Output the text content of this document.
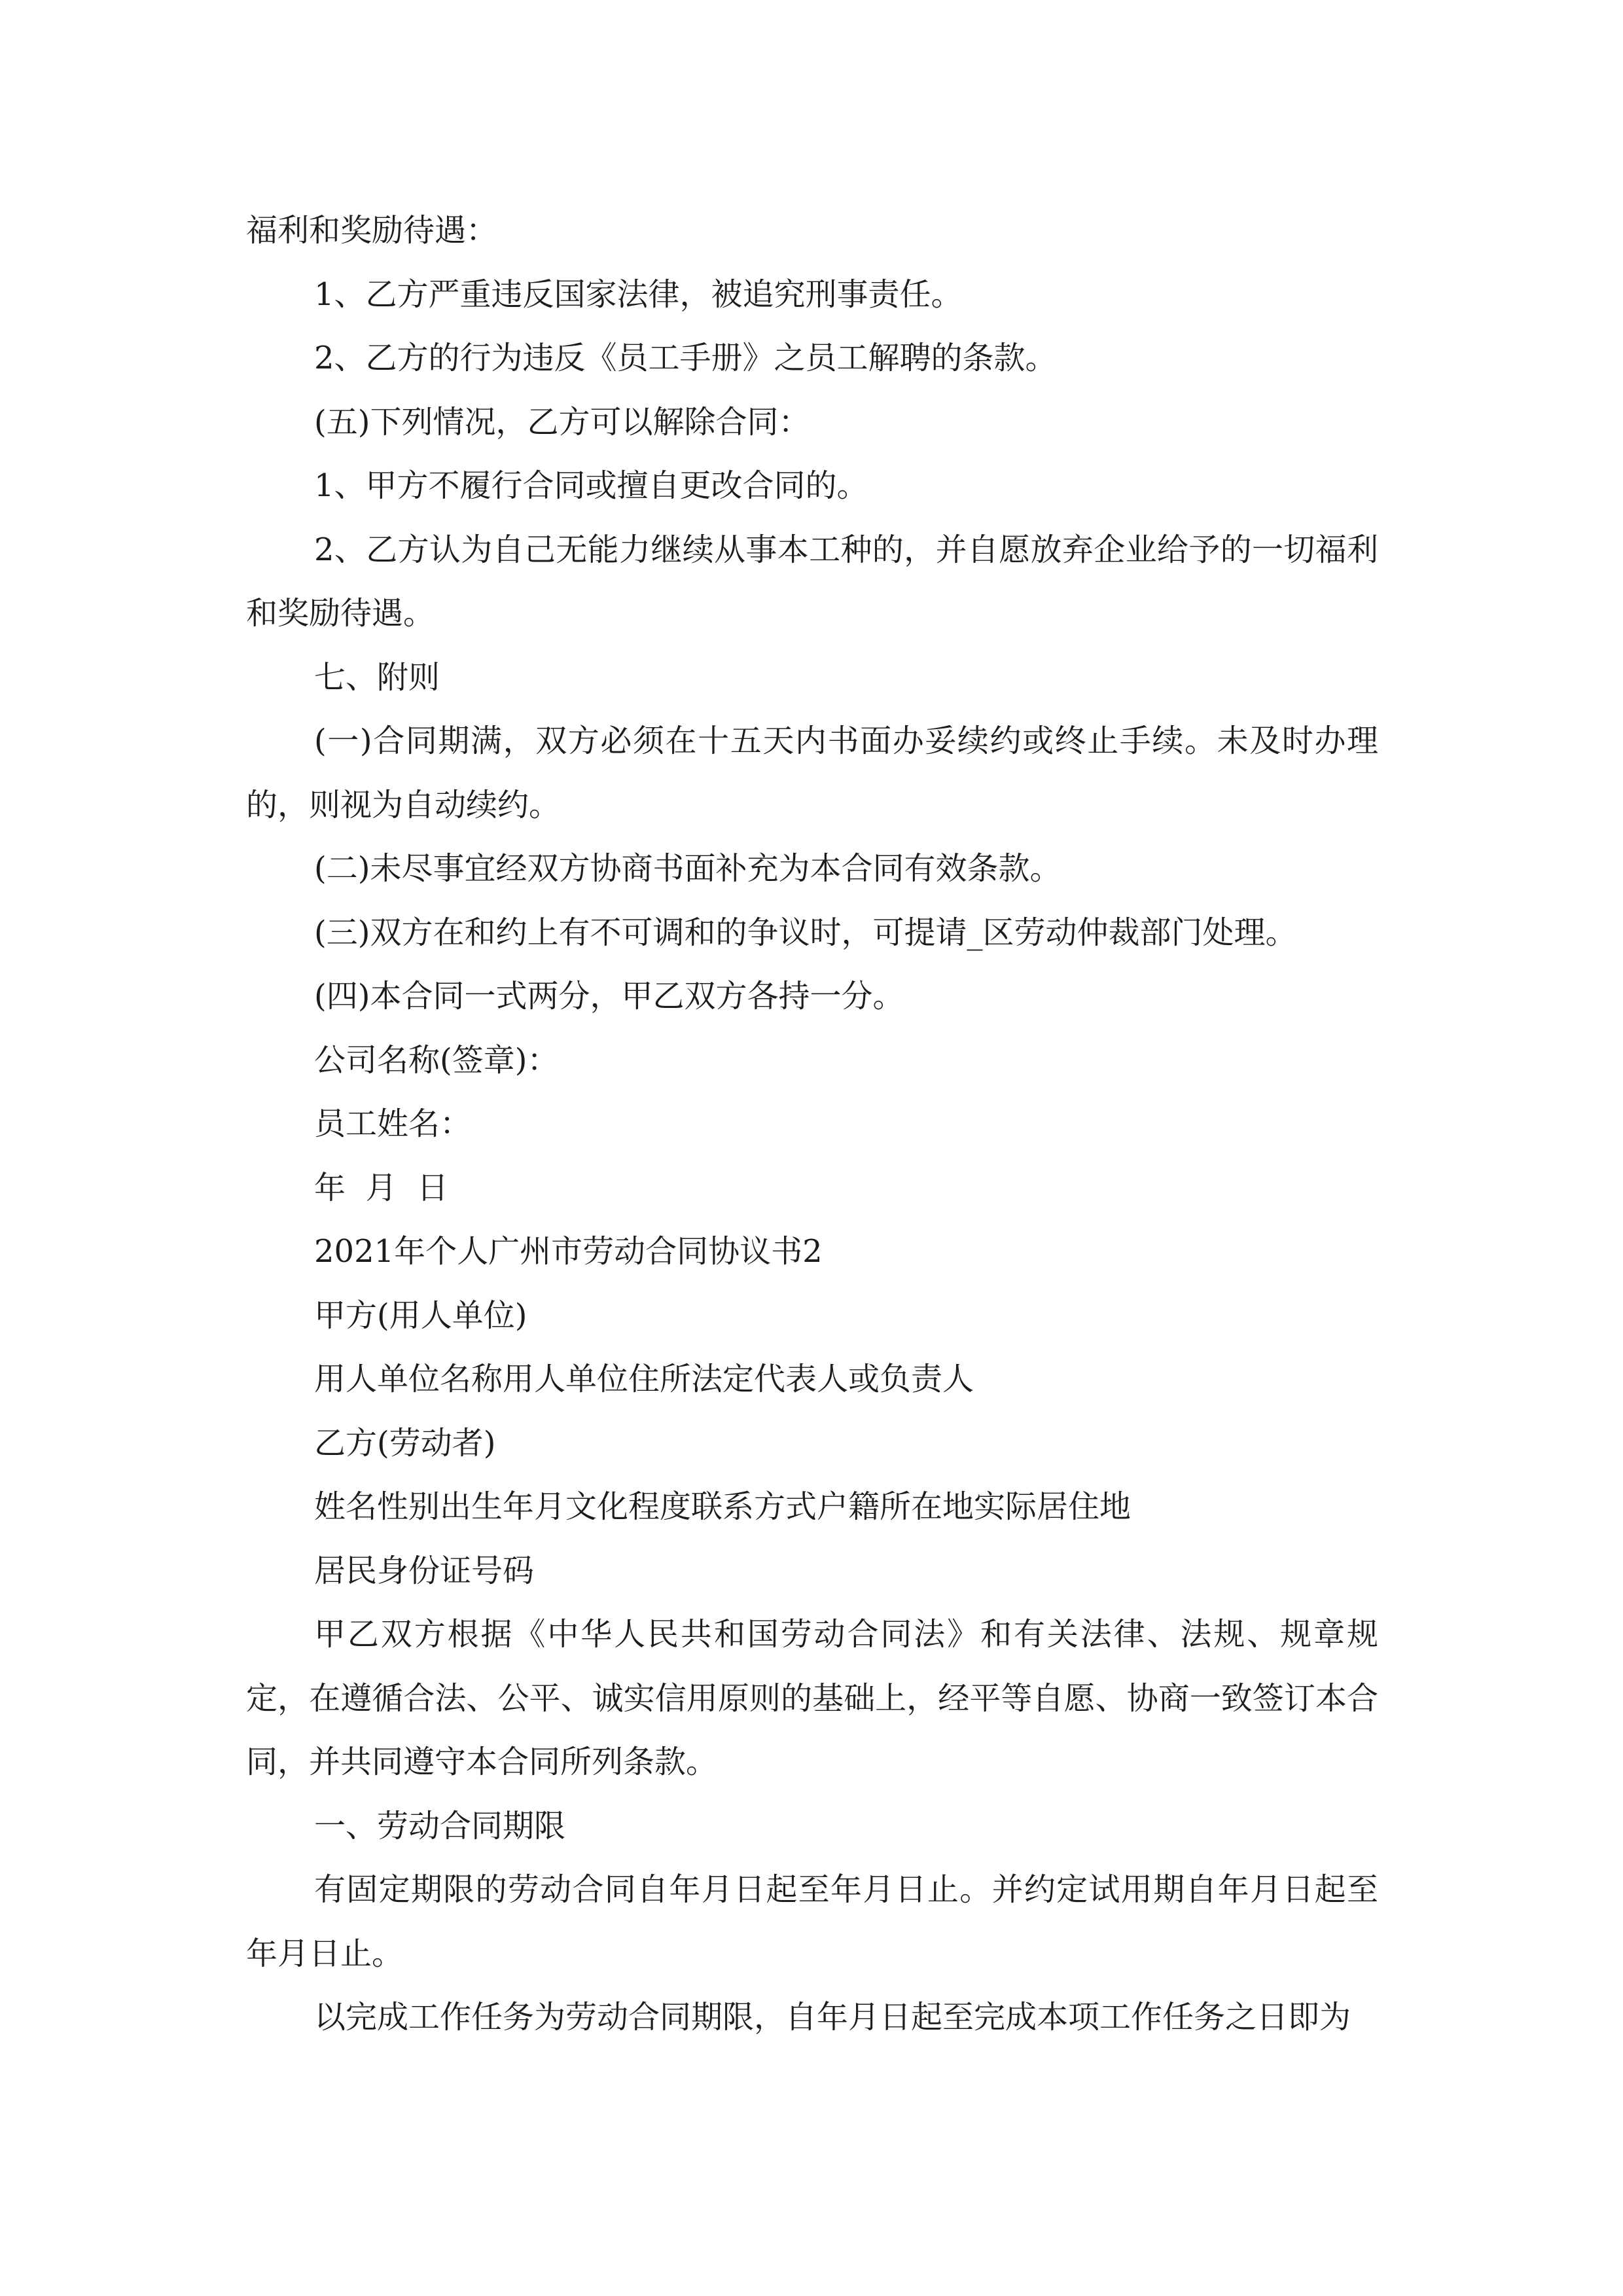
福利和奖励待遇：

1、乙方严重违反国家法律，被追究刑事责任。

2、乙方的行为违反《员工手册》之员工解聘的条款。

(五)下列情况，乙方可以解除合同：

1、甲方不履行合同或擅自更改合同的。

2、乙方认为自己无能力继续从事本工种的，并自愿放弃企业给予的一切福利和奖励待遇。

七、附则

(一)合同期满，双方必须在十五天内书面办妥续约或终止手续。未及时办理的，则视为自动续约。

(二)未尽事宜经双方协商书面补充为本合同有效条款。

(三)双方在和约上有不可调和的争议时，可提请_区劳动仲裁部门处理。

(四)本合同一式两分，甲乙双方各持一分。

公司名称(签章)：

员工姓名：

年  月  日

2021年个人广州市劳动合同协议书2

甲方(用人单位)

用人单位名称用人单位住所法定代表人或负责人

乙方(劳动者)

姓名性别出生年月文化程度联系方式户籍所在地实际居住地

居民身份证号码

甲乙双方根据《中华人民共和国劳动合同法》和有关法律、法规、规章规定，在遵循合法、公平、诚实信用原则的基础上，经平等自愿、协商一致签订本合同，并共同遵守本合同所列条款。

一、劳动合同期限

有固定期限的劳动合同自年月日起至年月日止。并约定试用期自年月日起至年月日止。

以完成工作任务为劳动合同期限，自年月日起至完成本项工作任务之日即为
